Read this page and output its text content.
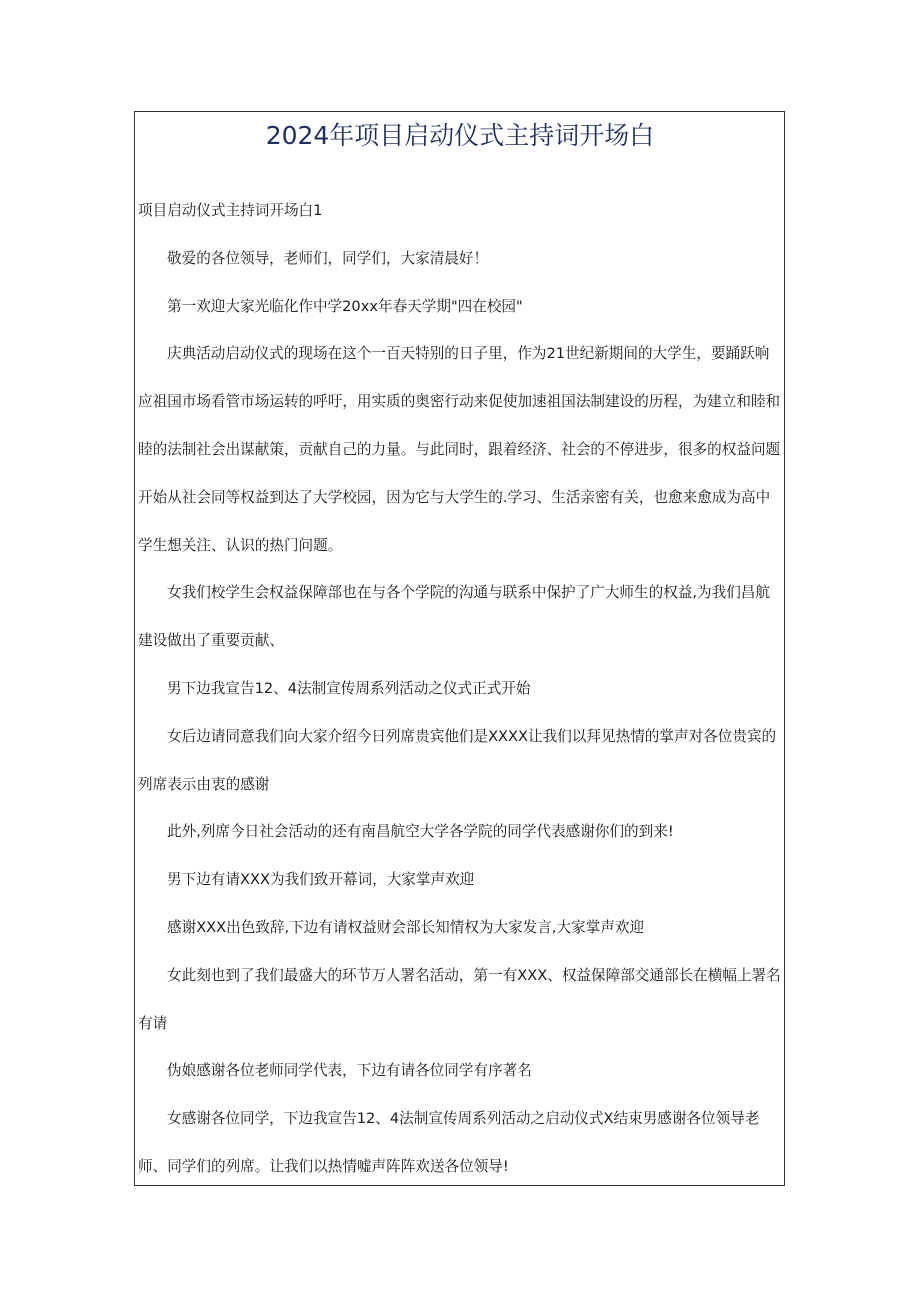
2024年项目启动仪式主持词开场白

项目启动仪式主持词开场白1

敬爱的各位领导，老师们，同学们，大家清晨好！

第一欢迎大家光临化作中学20xx年春天学期"四在校园"

庆典活动启动仪式的现场在这个一百天特别的日子里，作为21世纪新期间的大学生，要踊跃响应祖国市场看管市场运转的呼吁，用实质的奥密行动来促使加速祖国法制建设的历程，为建立和睦和睦的法制社会出谋献策，贡献自己的力量。与此同时，跟着经济、社会的不停进步，很多的权益问题开始从社会同等权益到达了大学校园，因为它与大学生的.学习、生活亲密有关，也愈来愈成为高中学生想关注、认识的热门问题。

女我们校学生会权益保障部也在与各个学院的沟通与联系中保护了广大师生的权益,为我们昌航建设做出了重要贡献、

男下边我宣告12、4法制宣传周系列活动之仪式正式开始

女后边请同意我们向大家介绍今日列席贵宾他们是XXXX让我们以拜见热情的掌声对各位贵宾的列席表示由衷的感谢

此外,列席今日社会活动的还有南昌航空大学各学院的同学代表感谢你们的到来!

男下边有请XXX为我们致开幕词，大家掌声欢迎

感谢XXX出色致辞,下边有请权益财会部长知情权为大家发言,大家掌声欢迎

女此刻也到了我们最盛大的环节万人署名活动，第一有XXX、权益保障部交通部长在横幅上署名有请

伪娘感谢各位老师同学代表，下边有请各位同学有序著名

女感谢各位同学，下边我宣告12、4法制宣传周系列活动之启动仪式X结束男感谢各位领导老师、同学们的列席。让我们以热情嘘声阵阵欢送各位领导!
